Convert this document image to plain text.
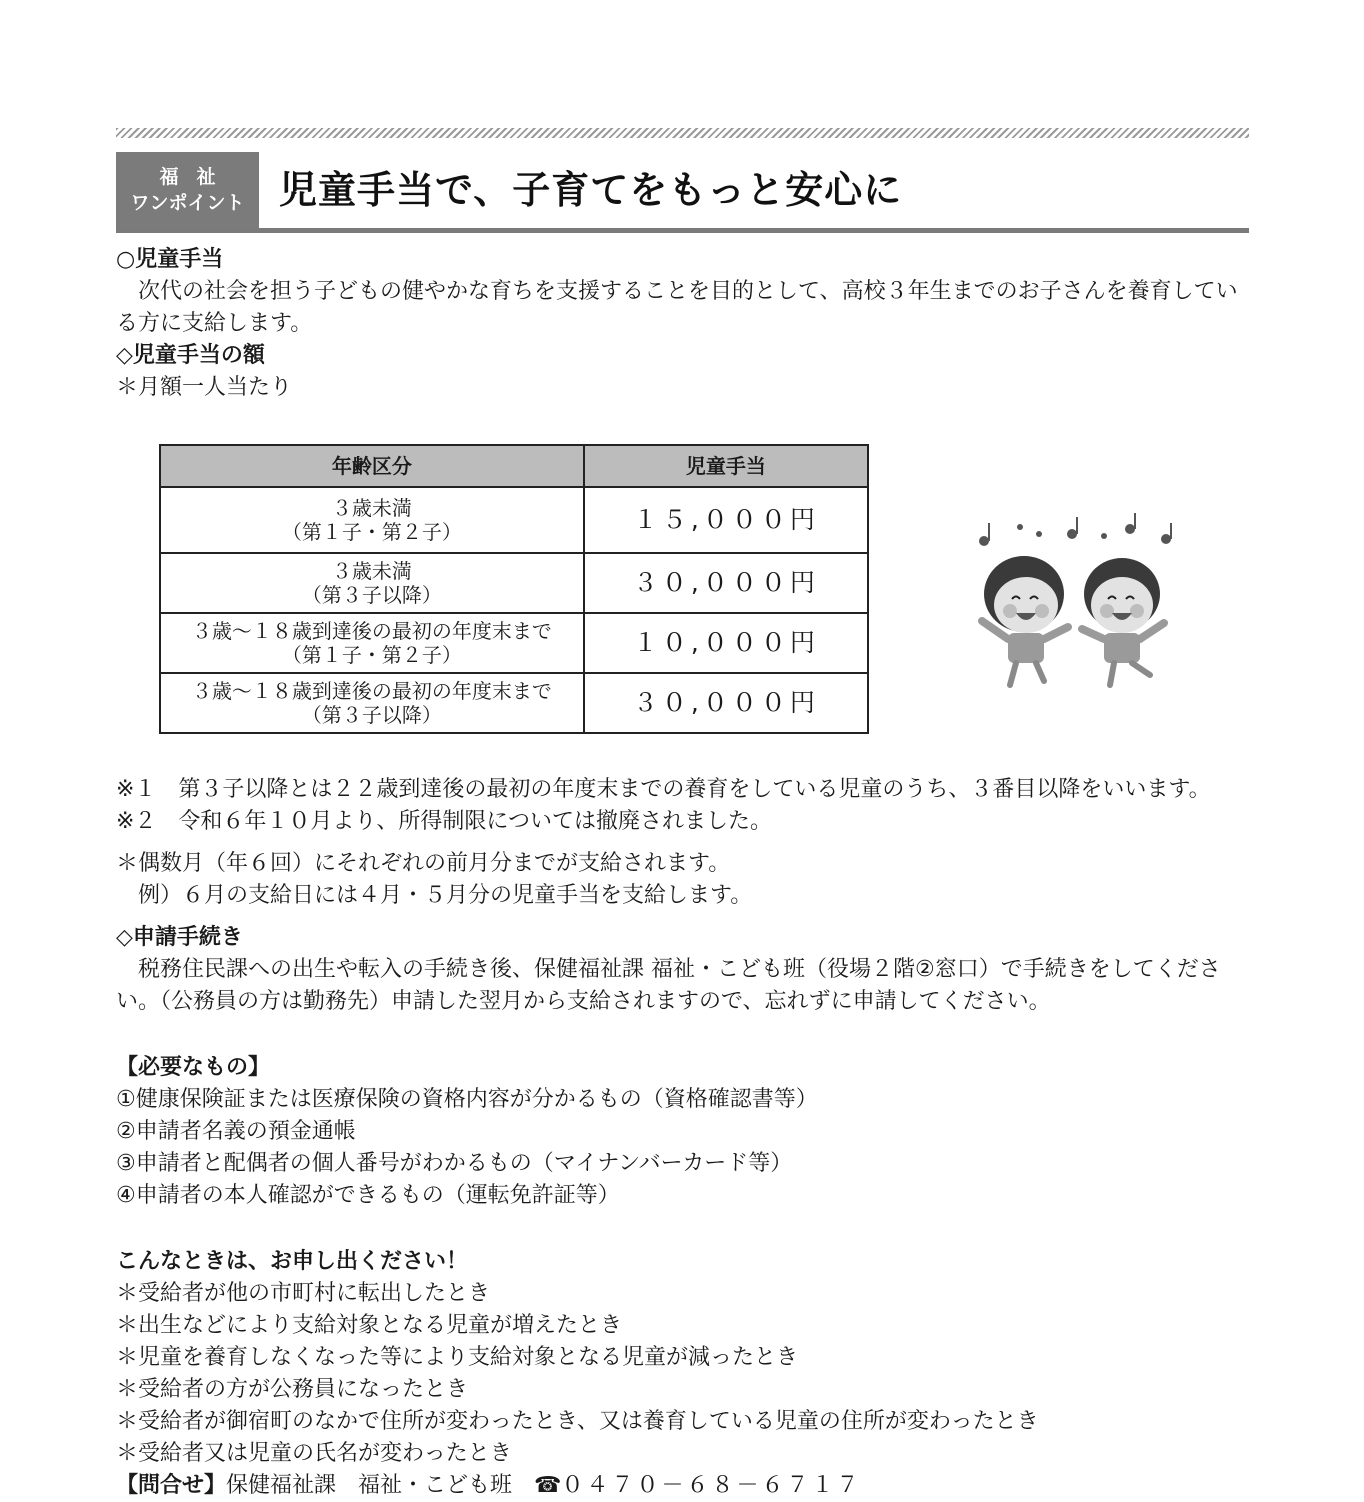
福祉
ワンポイント 児童手当で、子育てをもっと安心に

○児童手当

　次代の社会を担う子どもの健やかな育ちを支援することを目的として、高校３年生までのお子さんを養育している方に支給します。

◇児童手当の額

＊月額一人当たり

年齢区分	児童手当
３歳未満
（第１子・第２子）	１５,０００円
３歳未満
（第３子以降）	３０,０００円
３歳～１８歳到達後の最初の年度末まで
（第１子・第２子）	１０,０００円
３歳～１８歳到達後の最初の年度末まで
（第３子以降）	３０,０００円

※１　第３子以降とは２２歳到達後の最初の年度末までの養育をしている児童のうち、３番目以降をいいます。

※２　令和６年１０月より、所得制限については撤廃されました。

＊偶数月（年６回）にそれぞれの前月分までが支給されます。

　例）６月の支給日には４月・５月分の児童手当を支給します。

◇申請手続き

　税務住民課への出生や転入の手続き後、保健福祉課 福祉・こども班（役場２階②窓口）で手続きをしてください。（公務員の方は勤務先）申請した翌月から支給されますので、忘れずに申請してください。

【必要なもの】

①健康保険証または医療保険の資格内容が分かるもの（資格確認書等）

②申請者名義の預金通帳

③申請者と配偶者の個人番号がわかるもの（マイナンバーカード等）

④申請者の本人確認ができるもの（運転免許証等）

こんなときは、お申し出ください！

＊受給者が他の市町村に転出したとき

＊出生などにより支給対象となる児童が増えたとき

＊児童を養育しなくなった等により支給対象となる児童が減ったとき

＊受給者の方が公務員になったとき

＊受給者が御宿町のなかで住所が変わったとき、又は養育している児童の住所が変わったとき

＊受給者又は児童の氏名が変わったとき

【問合せ】保健福祉課　福祉・こども班　☎０４７０－６８－６７１７
